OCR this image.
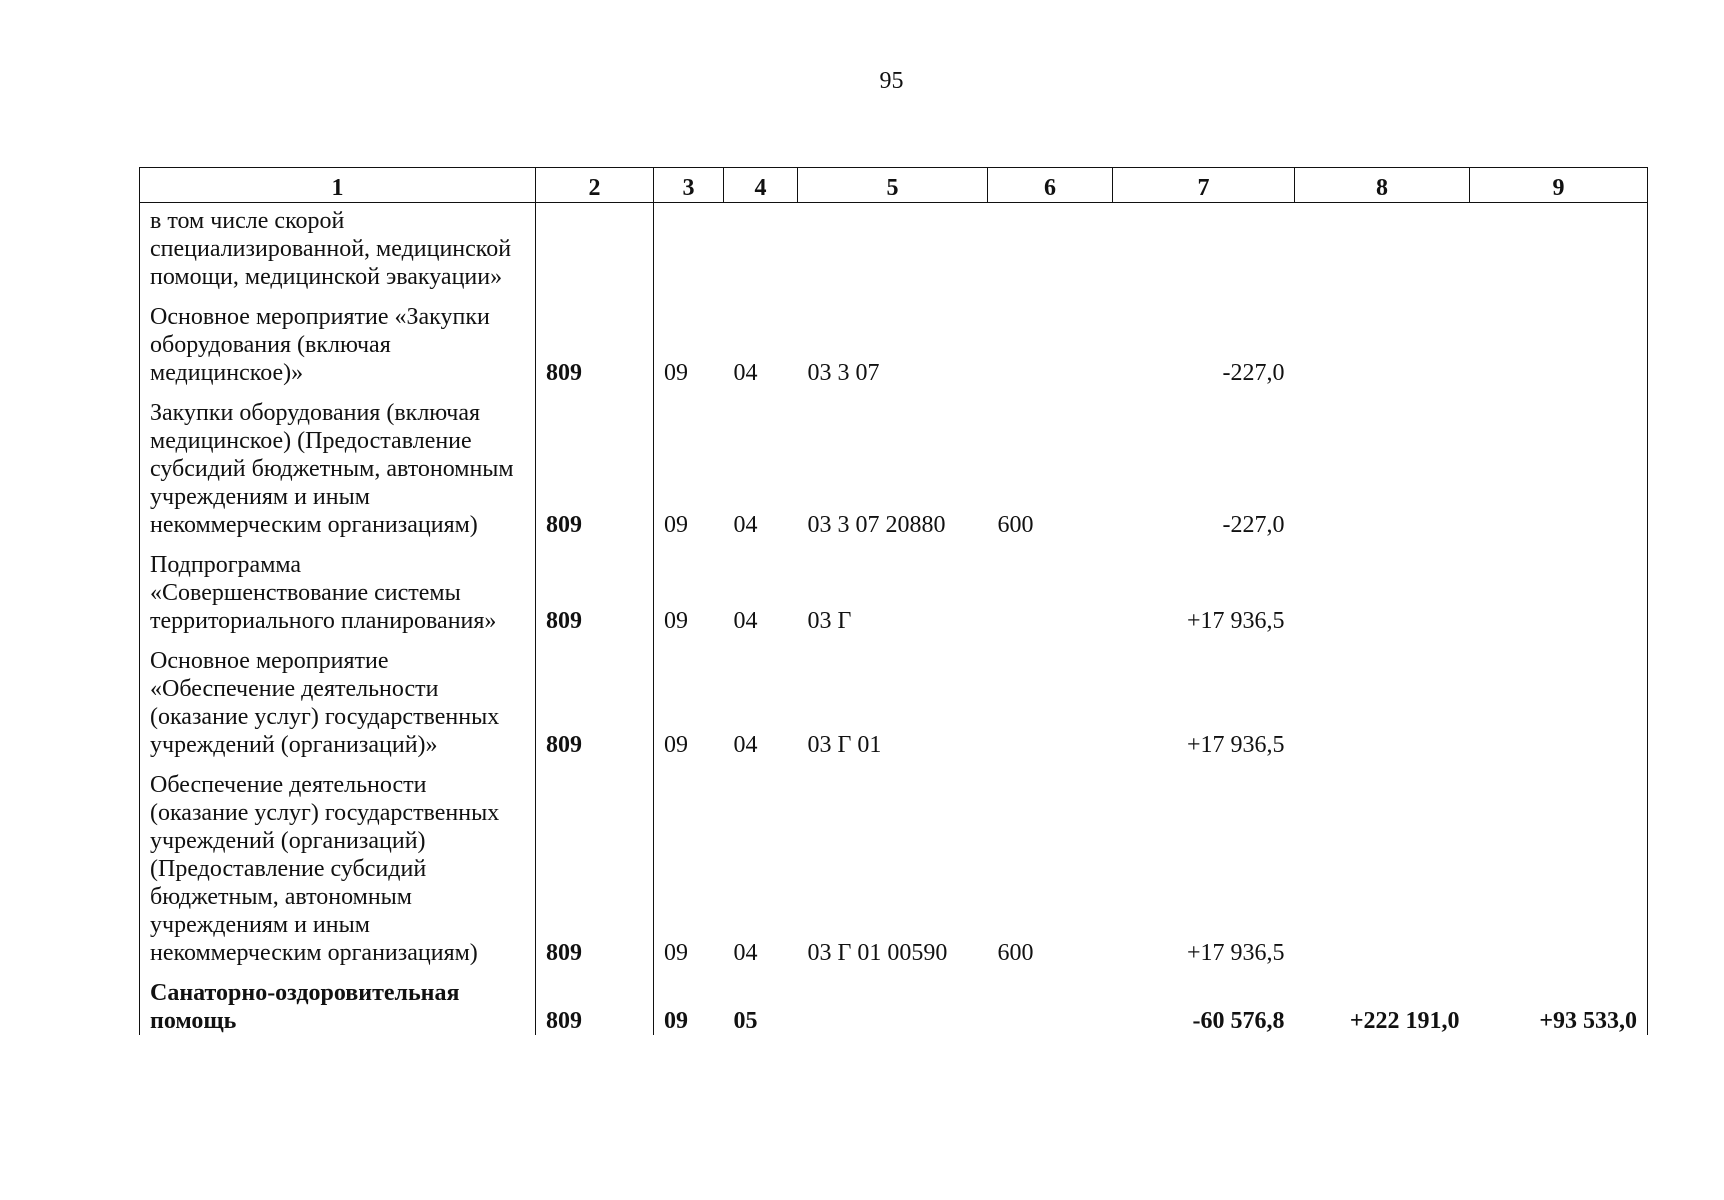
95
1	2	3	4	5	6	7	8	9
в том числе скорой специализированной, медицинской помощи, медицинской эвакуации»								
Основное мероприятие «Закупки оборудования (включая медицинское)»	809	09	04	03 3 07		-227,0		
Закупки оборудования (включая медицинское) (Предоставление субсидий бюджетным, автономным учреждениям и иным некоммерческим организациям)	809	09	04	03 3 07 20880	600	-227,0		
Подпрограмма «Совершенствование системы территориального планирования»	809	09	04	03 Г		+17 936,5		
Основное мероприятие «Обеспечение деятельности (оказание услуг) государственных учреждений (организаций)»	809	09	04	03 Г 01		+17 936,5		
Обеспечение деятельности (оказание услуг) государственных учреждений (организаций) (Предоставление субсидий бюджетным, автономным учреждениям и иным некоммерческим организациям)	809	09	04	03 Г 01 00590	600	+17 936,5		
Санаторно-оздоровительная помощь	809	09	05			-60 576,8	+222 191,0	+93 533,0
